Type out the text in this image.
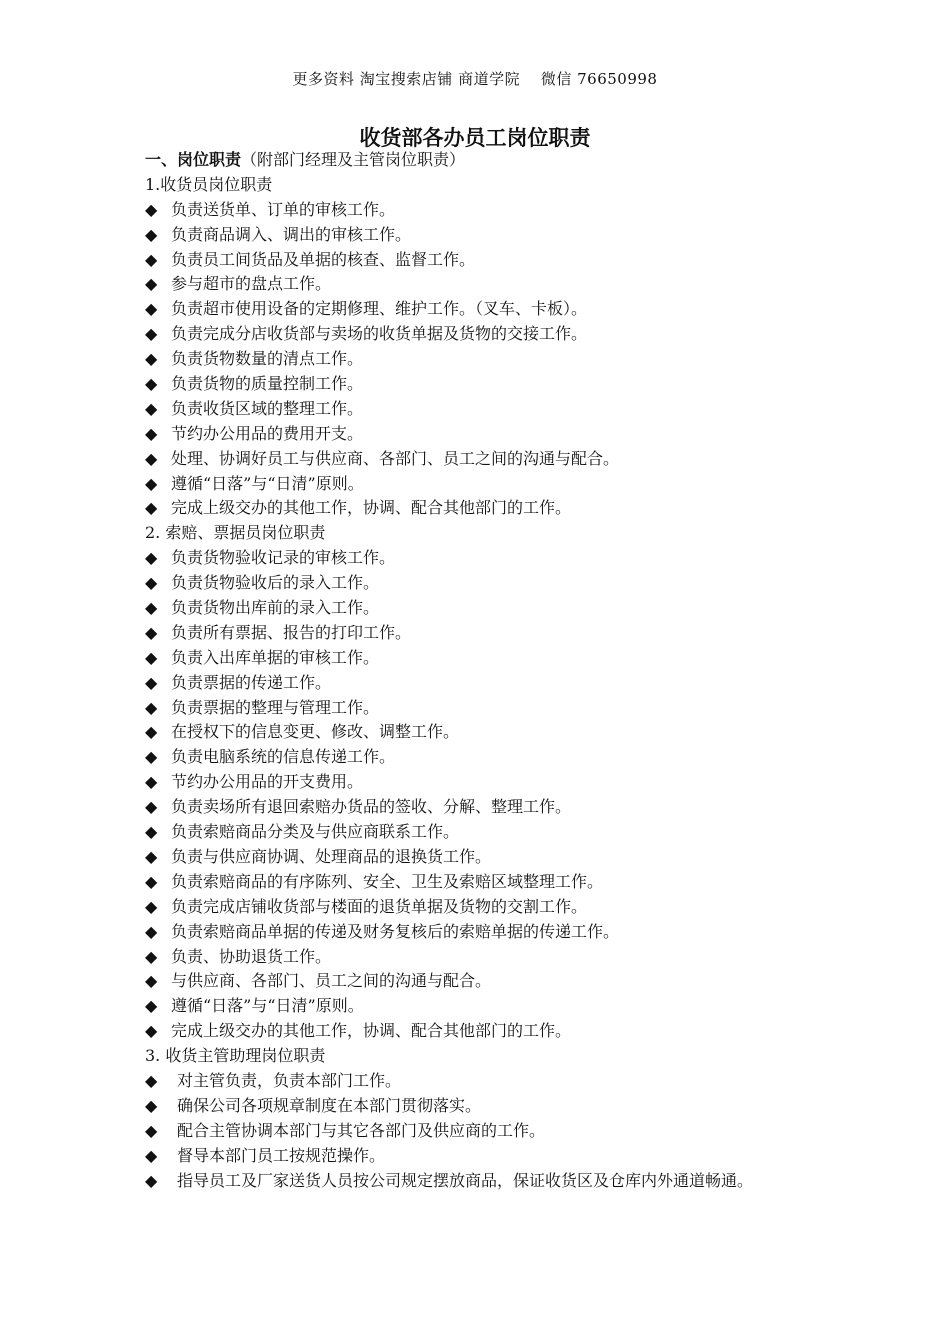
更多资料 淘宝搜索店铺 商道学院　 微信 76650998
收货部各办员工岗位职责
一、岗位职责（附部门经理及主管岗位职责）
1.收货员岗位职责
◆ 负责送货单、订单的审核工作。
◆ 负责商品调入、调出的审核工作。
◆ 负责员工间货品及单据的核查、监督工作。
◆ 参与超市的盘点工作。
◆ 负责超市使用设备的定期修理、维护工作。（叉车、卡板）。
◆ 负责完成分店收货部与卖场的收货单据及货物的交接工作。
◆ 负责货物数量的清点工作。
◆ 负责货物的质量控制工作。
◆ 负责收货区域的整理工作。
◆ 节约办公用品的费用开支。
◆ 处理、协调好员工与供应商、各部门、员工之间的沟通与配合。
◆ 遵循“日落”与“日清”原则。
◆ 完成上级交办的其他工作，协调、配合其他部门的工作。
2. 索赔、票据员岗位职责
◆ 负责货物验收记录的审核工作。
◆ 负责货物验收后的录入工作。
◆ 负责货物出库前的录入工作。
◆ 负责所有票据、报告的打印工作。
◆ 负责入出库单据的审核工作。
◆ 负责票据的传递工作。
◆ 负责票据的整理与管理工作。
◆ 在授权下的信息变更、修改、调整工作。
◆ 负责电脑系统的信息传递工作。
◆ 节约办公用品的开支费用。
◆ 负责卖场所有退回索赔办货品的签收、分解、整理工作。
◆ 负责索赔商品分类及与供应商联系工作。
◆ 负责与供应商协调、处理商品的退换货工作。
◆ 负责索赔商品的有序陈列、安全、卫生及索赔区域整理工作。
◆ 负责完成店铺收货部与楼面的退货单据及货物的交割工作。
◆ 负责索赔商品单据的传递及财务复核后的索赔单据的传递工作。
◆ 负责、协助退货工作。
◆ 与供应商、各部门、员工之间的沟通与配合。
◆ 遵循“日落”与“日清”原则。
◆ 完成上级交办的其他工作，协调、配合其他部门的工作。
3. 收货主管助理岗位职责
◆	对主管负责，负责本部门工作。
◆	确保公司各项规章制度在本部门贯彻落实。
◆	配合主管协调本部门与其它各部门及供应商的工作。
◆	督导本部门员工按规范操作。
◆	指导员工及厂家送货人员按公司规定摆放商品，保证收货区及仓库内外通道畅通。
